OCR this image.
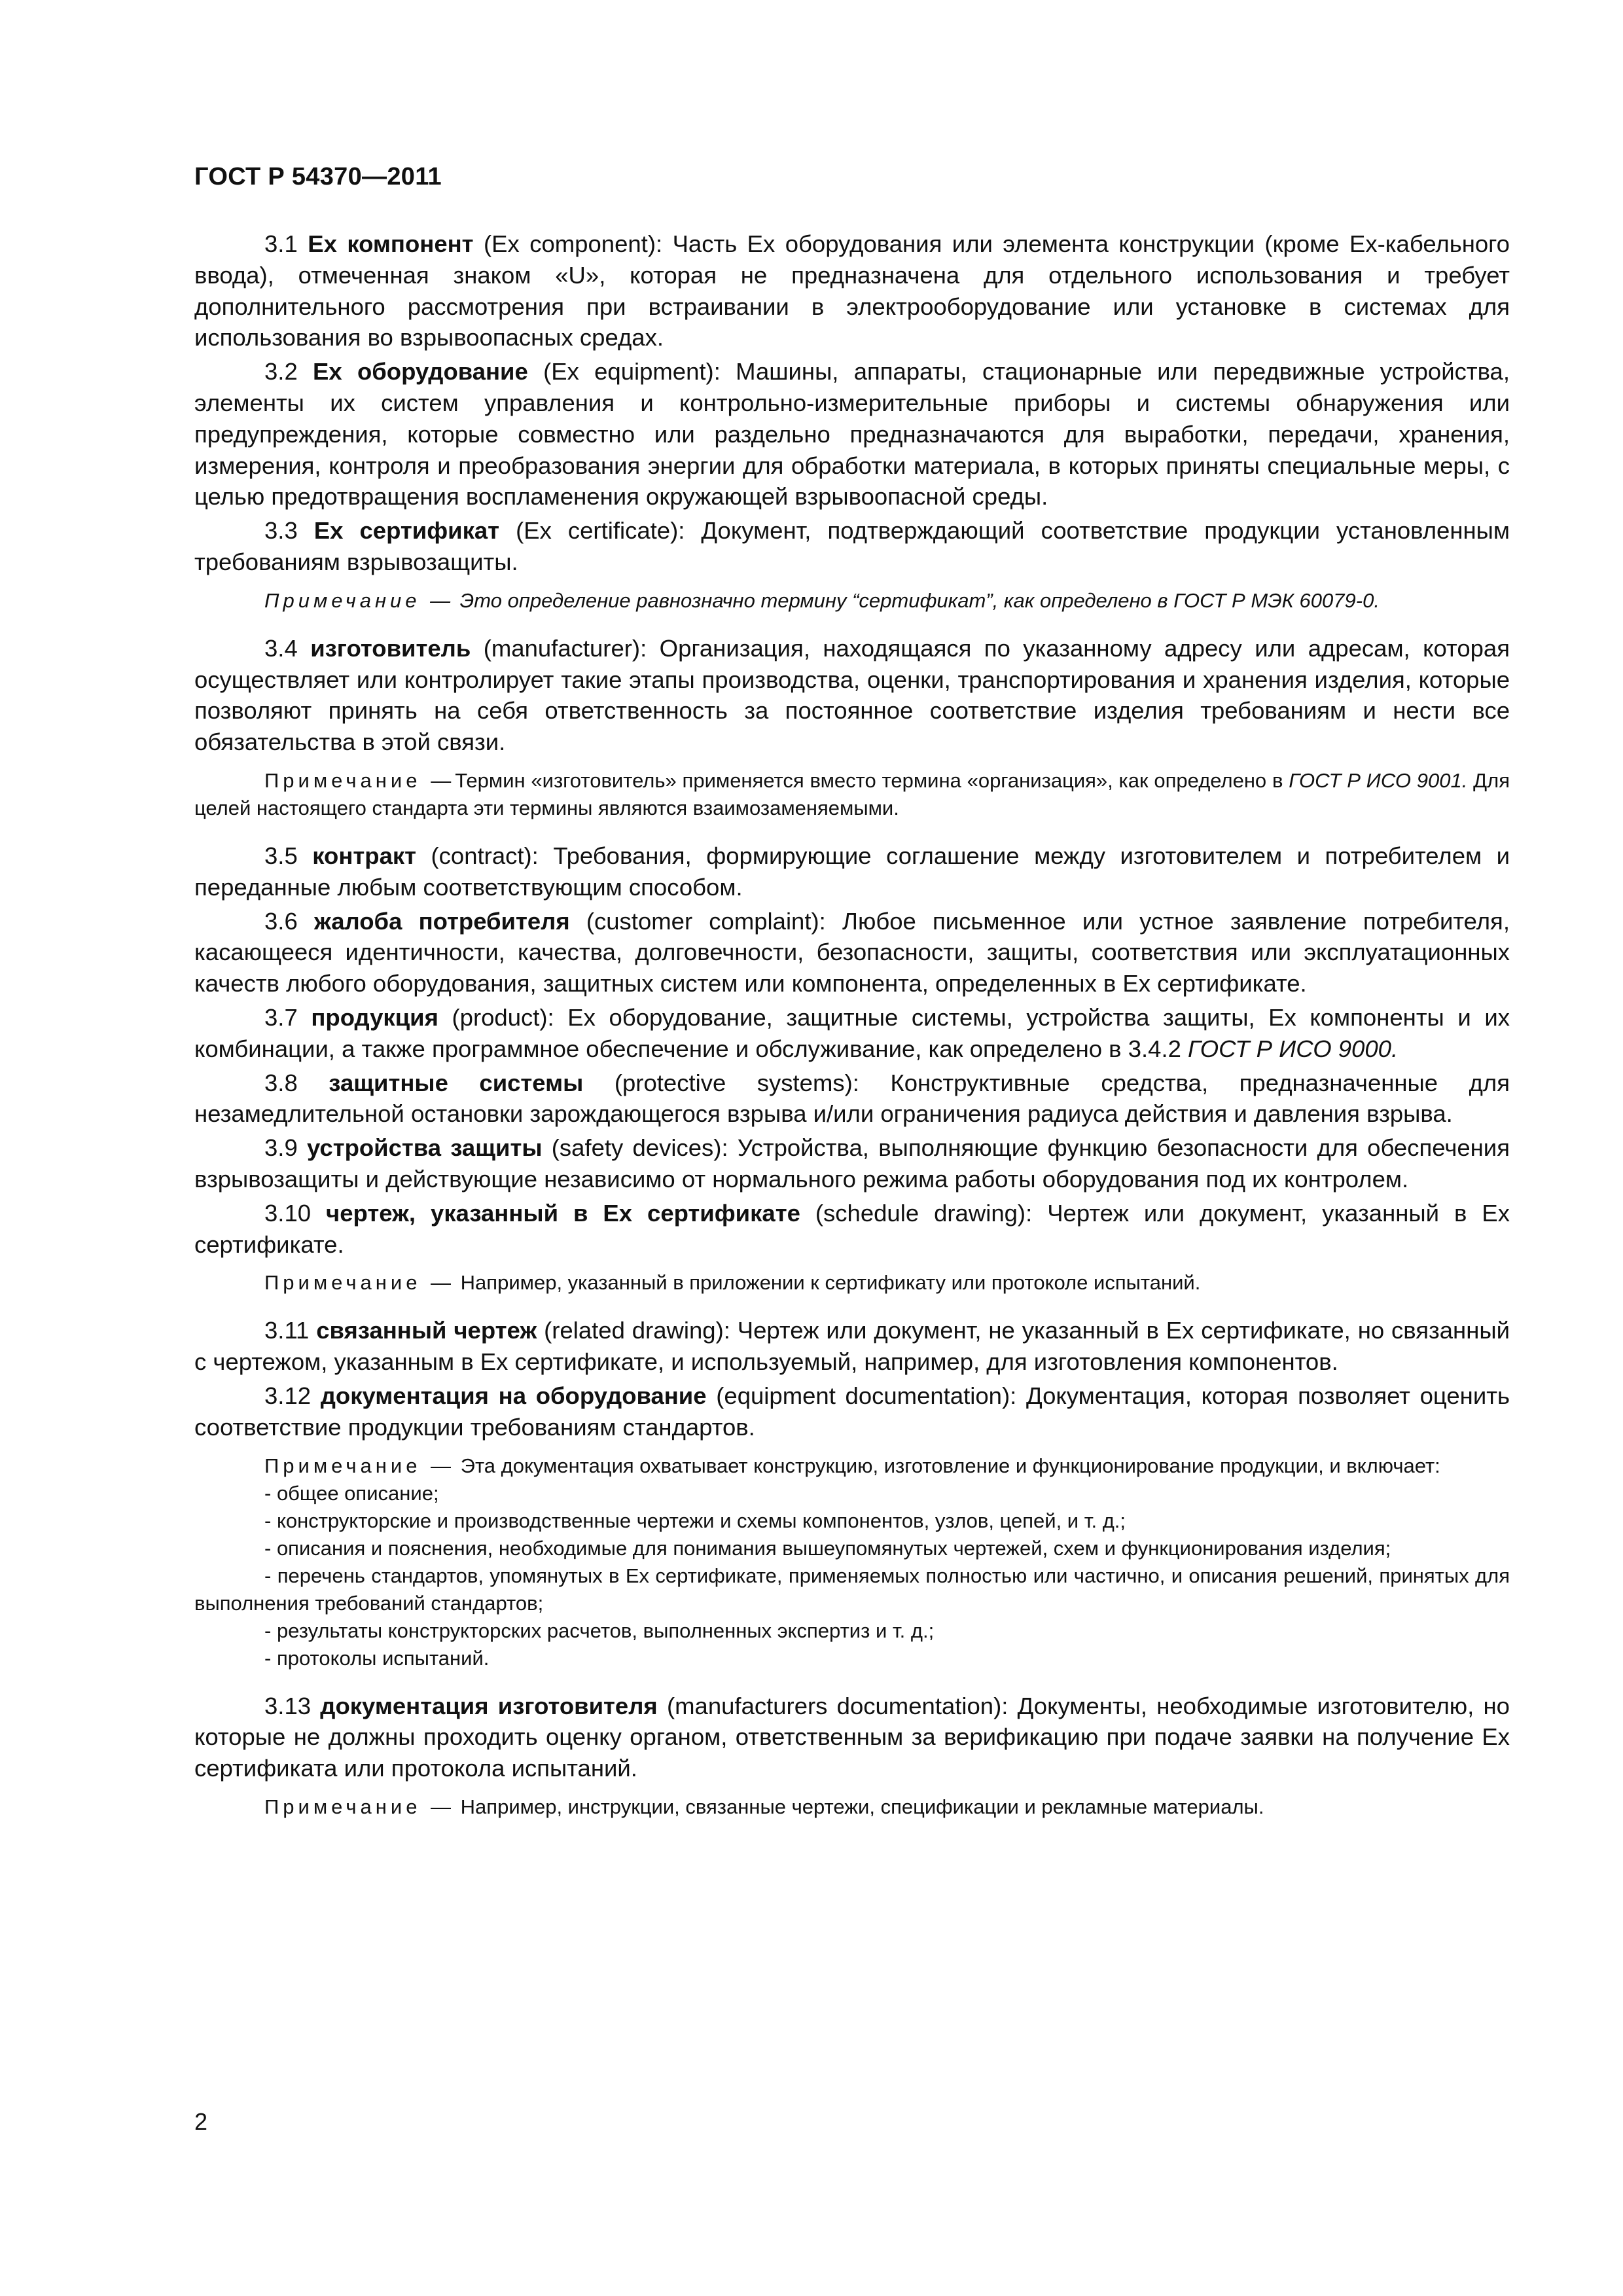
ГОСТ Р 54370—2011

3.1 Ex компонент (Ex component): Часть Ex оборудования или элемента конструкции (кроме Ex-кабельного ввода), отмеченная знаком «U», которая не предназначена для отдельного использования и требует дополнительного рассмотрения при встраивании в электрооборудование или установке в системах для использования во взрывоопасных средах.

3.2 Ex оборудование (Ex equipment): Машины, аппараты, стационарные или передвижные устройства, элементы их систем управления и контрольно-измерительные приборы и системы обнаружения или предупреждения, которые совместно или раздельно предназначаются для выработки, передачи, хранения, измерения, контроля и преобразования энергии для обработки материала, в которых приняты специальные меры, с целью предотвращения воспламенения окружающей взрывоопасной среды.

3.3 Ex сертификат (Ex certificate): Документ, подтверждающий соответствие продукции установленным требованиям взрывозащиты.

Примечание — Это определение равнозначно термину “сертификат”, как определено в ГОСТ Р МЭК 60079-0.

3.4 изготовитель (manufacturer): Организация, находящаяся по указанному адресу или адресам, которая осуществляет или контролирует такие этапы производства, оценки, транспортирования и хранения изделия, которые позволяют принять на себя ответственность за постоянное соответствие изделия требованиям и нести все обязательства в этой связи.

Примечание —Термин «изготовитель» применяется вместо термина «организация», как определено в ГОСТ Р ИСО 9001. Для целей настоящего стандарта эти термины являются взаимозаменяемыми.

3.5 контракт (contract): Требования, формирующие соглашение между изготовителем и потребителем и переданные любым соответствующим способом.

3.6 жалоба потребителя (customer complaint): Любое письменное или устное заявление потребителя, касающееся идентичности, качества, долговечности, безопасности, защиты, соответствия или эксплуатационных качеств любого оборудования, защитных систем или компонента, определенных в Ex сертификате.

3.7 продукция (product): Ex оборудование, защитные системы, устройства защиты, Ex компоненты и их комбинации, а также программное обеспечение и обслуживание, как определено в 3.4.2 ГОСТ Р ИСО 9000.

3.8 защитные системы (protective systems): Конструктивные средства, предназначенные для незамедлительной остановки зарождающегося взрыва и/или ограничения радиуса действия и давления взрыва.

3.9 устройства защиты (safety devices): Устройства, выполняющие функцию безопасности для обеспечения взрывозащиты и действующие независимо от нормального режима работы оборудования под их контролем.

3.10 чертеж, указанный в Ex сертификате (schedule drawing): Чертеж или документ, указанный в Ex сертификате.

Примечание — Например, указанный в приложении к сертификату или протоколе испытаний.

3.11 связанный чертеж (related drawing): Чертеж или документ, не указанный в Ex сертификате, но связанный с чертежом, указанным в Ex сертификате, и используемый, например, для изготовления компонентов.

3.12 документация на оборудование (equipment documentation): Документация, которая позволяет оценить соответствие продукции требованиям стандартов.

Примечание — Эта документация охватывает конструкцию, изготовление и функционирование продукции, и включает:

- общее описание;
- конструкторские и производственные чертежи и схемы компонентов, узлов, цепей, и т. д.;
- описания и пояснения, необходимые для понимания вышеупомянутых чертежей, схем и функционирования изделия;
- перечень стандартов, упомянутых в Ex сертификате, применяемых полностью или частично, и описания решений, принятых для выполнения требований стандартов;
- результаты конструкторских расчетов, выполненных экспертиз и т. д.;
- протоколы испытаний.

3.13 документация изготовителя (manufacturers documentation): Документы, необходимые изготовителю, но которые не должны проходить оценку органом, ответственным за верификацию при подаче заявки на получение Ex сертификата или протокола испытаний.

Примечание — Например, инструкции, связанные чертежи, спецификации и рекламные материалы.

2
